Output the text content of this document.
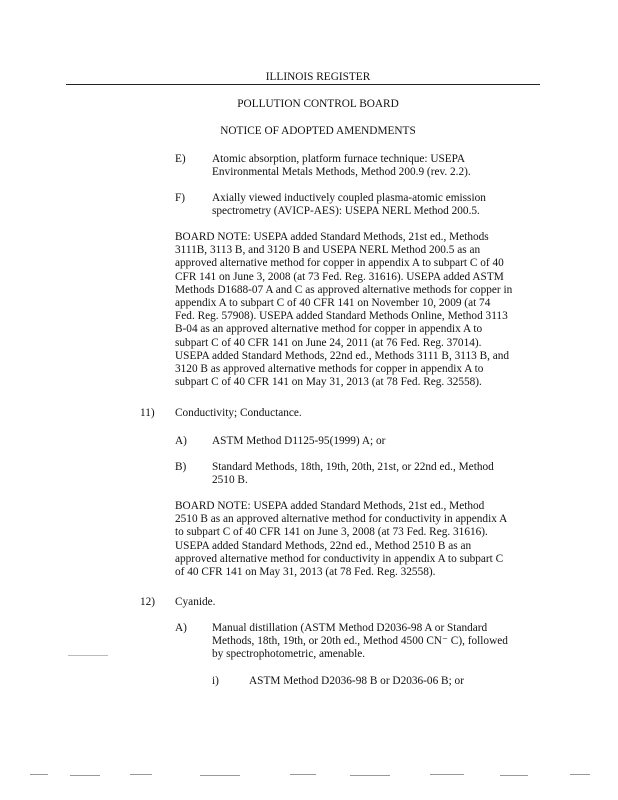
ILLINOIS REGISTER
POLLUTION CONTROL BOARD
NOTICE OF ADOPTED AMENDMENTS
E)	Atomic absorption, platform furnace technique: USEPA
Environmental Metals Methods, Method 200.9 (rev. 2.2).
F)	Axially viewed inductively coupled plasma-atomic emission
spectrometry (AVICP-AES): USEPA NERL Method 200.5.
BOARD NOTE: USEPA added Standard Methods, 21st ed., Methods
3111B, 3113 B, and 3120 B and USEPA NERL Method 200.5 as an
approved alternative method for copper in appendix A to subpart C of 40
CFR 141 on June 3, 2008 (at 73 Fed. Reg. 31616). USEPA added ASTM
Methods D1688-07 A and C as approved alternative methods for copper in
appendix A to subpart C of 40 CFR 141 on November 10, 2009 (at 74
Fed. Reg. 57908). USEPA added Standard Methods Online, Method 3113
B-04 as an approved alternative method for copper in appendix A to
subpart C of 40 CFR 141 on June 24, 2011 (at 76 Fed. Reg. 37014).
USEPA added Standard Methods, 22nd ed., Methods 3111 B, 3113 B, and
3120 B as approved alternative methods for copper in appendix A to
subpart C of 40 CFR 141 on May 31, 2013 (at 78 Fed. Reg. 32558).
11)	Conductivity; Conductance.
A)	ASTM Method D1125-95(1999) A; or
B)	Standard Methods, 18th, 19th, 20th, 21st, or 22nd ed., Method
2510 B.
BOARD NOTE: USEPA added Standard Methods, 21st ed., Method
2510 B as an approved alternative method for conductivity in appendix A
to subpart C of 40 CFR 141 on June 3, 2008 (at 73 Fed. Reg. 31616).
USEPA added Standard Methods, 22nd ed., Method 2510 B as an
approved alternative method for conductivity in appendix A to subpart C
of 40 CFR 141 on May 31, 2013 (at 78 Fed. Reg. 32558).
12)	Cyanide.
A)	Manual distillation (ASTM Method D2036-98 A or Standard
Methods, 18th, 19th, or 20th ed., Method 4500 CN⁻ C), followed
by spectrophotometric, amenable.
i)	ASTM Method D2036-98 B or D2036-06 B; or
